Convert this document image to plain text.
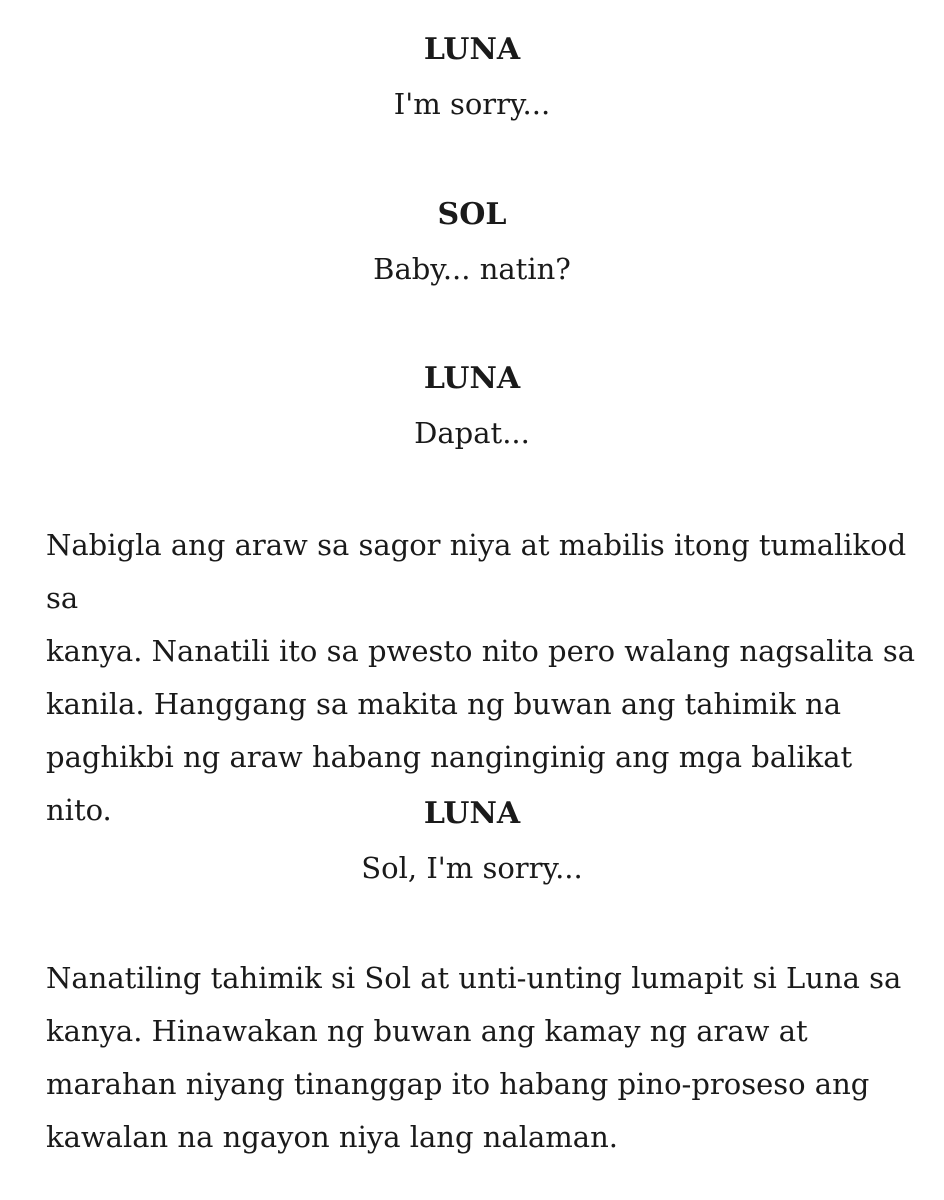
LUNA

I'm sorry...

SOL

Baby... natin?

LUNA

Dapat...

Nabigla ang araw sa sagor niya at mabilis itong tumalikod sa
kanya. Nanatili ito sa pwesto nito pero walang nagsalita sa
kanila. Hanggang sa makita ng buwan ang tahimik na
paghikbi ng araw habang nanginginig ang mga balikat nito.	LUNA

Sol, I'm sorry...

Nanatiling tahimik si Sol at unti-unting lumapit si Luna sa
kanya. Hinawakan ng buwan ang kamay ng araw at
marahan niyang tinanggap ito habang pino-proseso ang
kawalan na ngayon niya lang nalaman.
